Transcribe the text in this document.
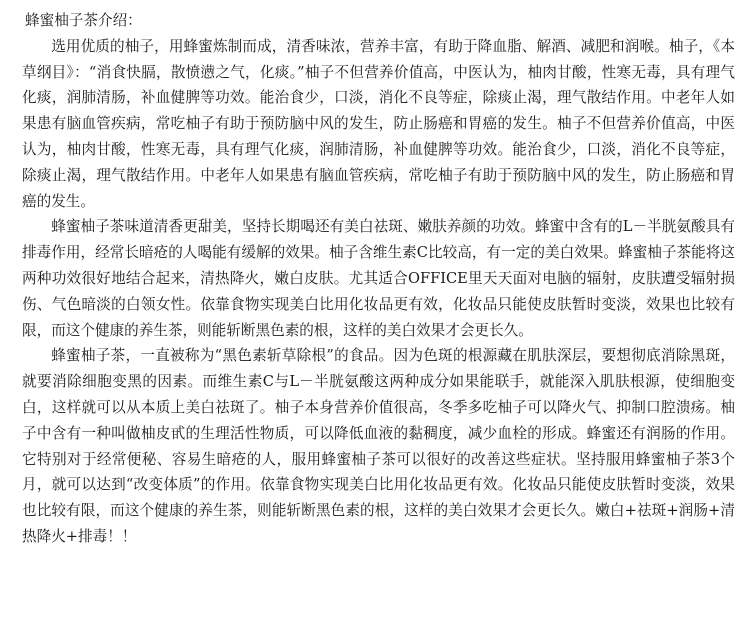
蜂蜜柚子茶介绍：

选用优质的柚子，用蜂蜜炼制而成，清香味浓，营养丰富，有助于降血脂、解酒、减肥和润喉。柚子，《本草纲目》：“消食快膈，散愤懑之气，化痰。”柚子不但营养价值高，中医认为，柚肉甘酸，性寒无毒，具有理气化痰，润肺清肠，补血健脾等功效。能治食少，口淡，消化不良等症，除痰止渴，理气散结作用。中老年人如果患有脑血管疾病，常吃柚子有助于预防脑中风的发生，防止肠癌和胃癌的发生。柚子不但营养价值高，中医认为，柚肉甘酸，性寒无毒，具有理气化痰，润肺清肠，补血健脾等功效。能治食少，口淡，消化不良等症，除痰止渴，理气散结作用。中老年人如果患有脑血管疾病，常吃柚子有助于预防脑中风的发生，防止肠癌和胃癌的发生。

蜂蜜柚子茶味道清香更甜美，坚持长期喝还有美白祛斑、嫩肤养颜的功效。蜂蜜中含有的L－半胱氨酸具有排毒作用，经常长暗疮的人喝能有缓解的效果。柚子含维生素C比较高，有一定的美白效果。蜂蜜柚子茶能将这两种功效很好地结合起来，清热降火，嫩白皮肤。尤其适合OFFICE里天天面对电脑的辐射，皮肤遭受辐射损伤、气色暗淡的白领女性。依靠食物实现美白比用化妆品更有效，化妆品只能使皮肤暂时变淡，效果也比较有限，而这个健康的养生茶，则能斩断黑色素的根，这样的美白效果才会更长久。

蜂蜜柚子茶，一直被称为“黑色素斩草除根”的食品。因为色斑的根源藏在肌肤深层，要想彻底消除黑斑，就要消除细胞变黑的因素。而维生素C与L－半胱氨酸这两种成分如果能联手，就能深入肌肤根源，使细胞变白，这样就可以从本质上美白祛斑了。柚子本身营养价值很高，冬季多吃柚子可以降火气、抑制口腔溃疡。柚子中含有一种叫做柚皮甙的生理活性物质，可以降低血液的黏稠度，减少血栓的形成。蜂蜜还有润肠的作用。它特别对于经常便秘、容易生暗疮的人，服用蜂蜜柚子茶可以很好的改善这些症状。坚持服用蜂蜜柚子茶3个月，就可以达到“改变体质”的作用。依靠食物实现美白比用化妆品更有效。化妆品只能使皮肤暂时变淡，效果也比较有限，而这个健康的养生茶，则能斩断黑色素的根，这样的美白效果才会更长久。嫩白+祛斑+润肠+清热降火+排毒！！
